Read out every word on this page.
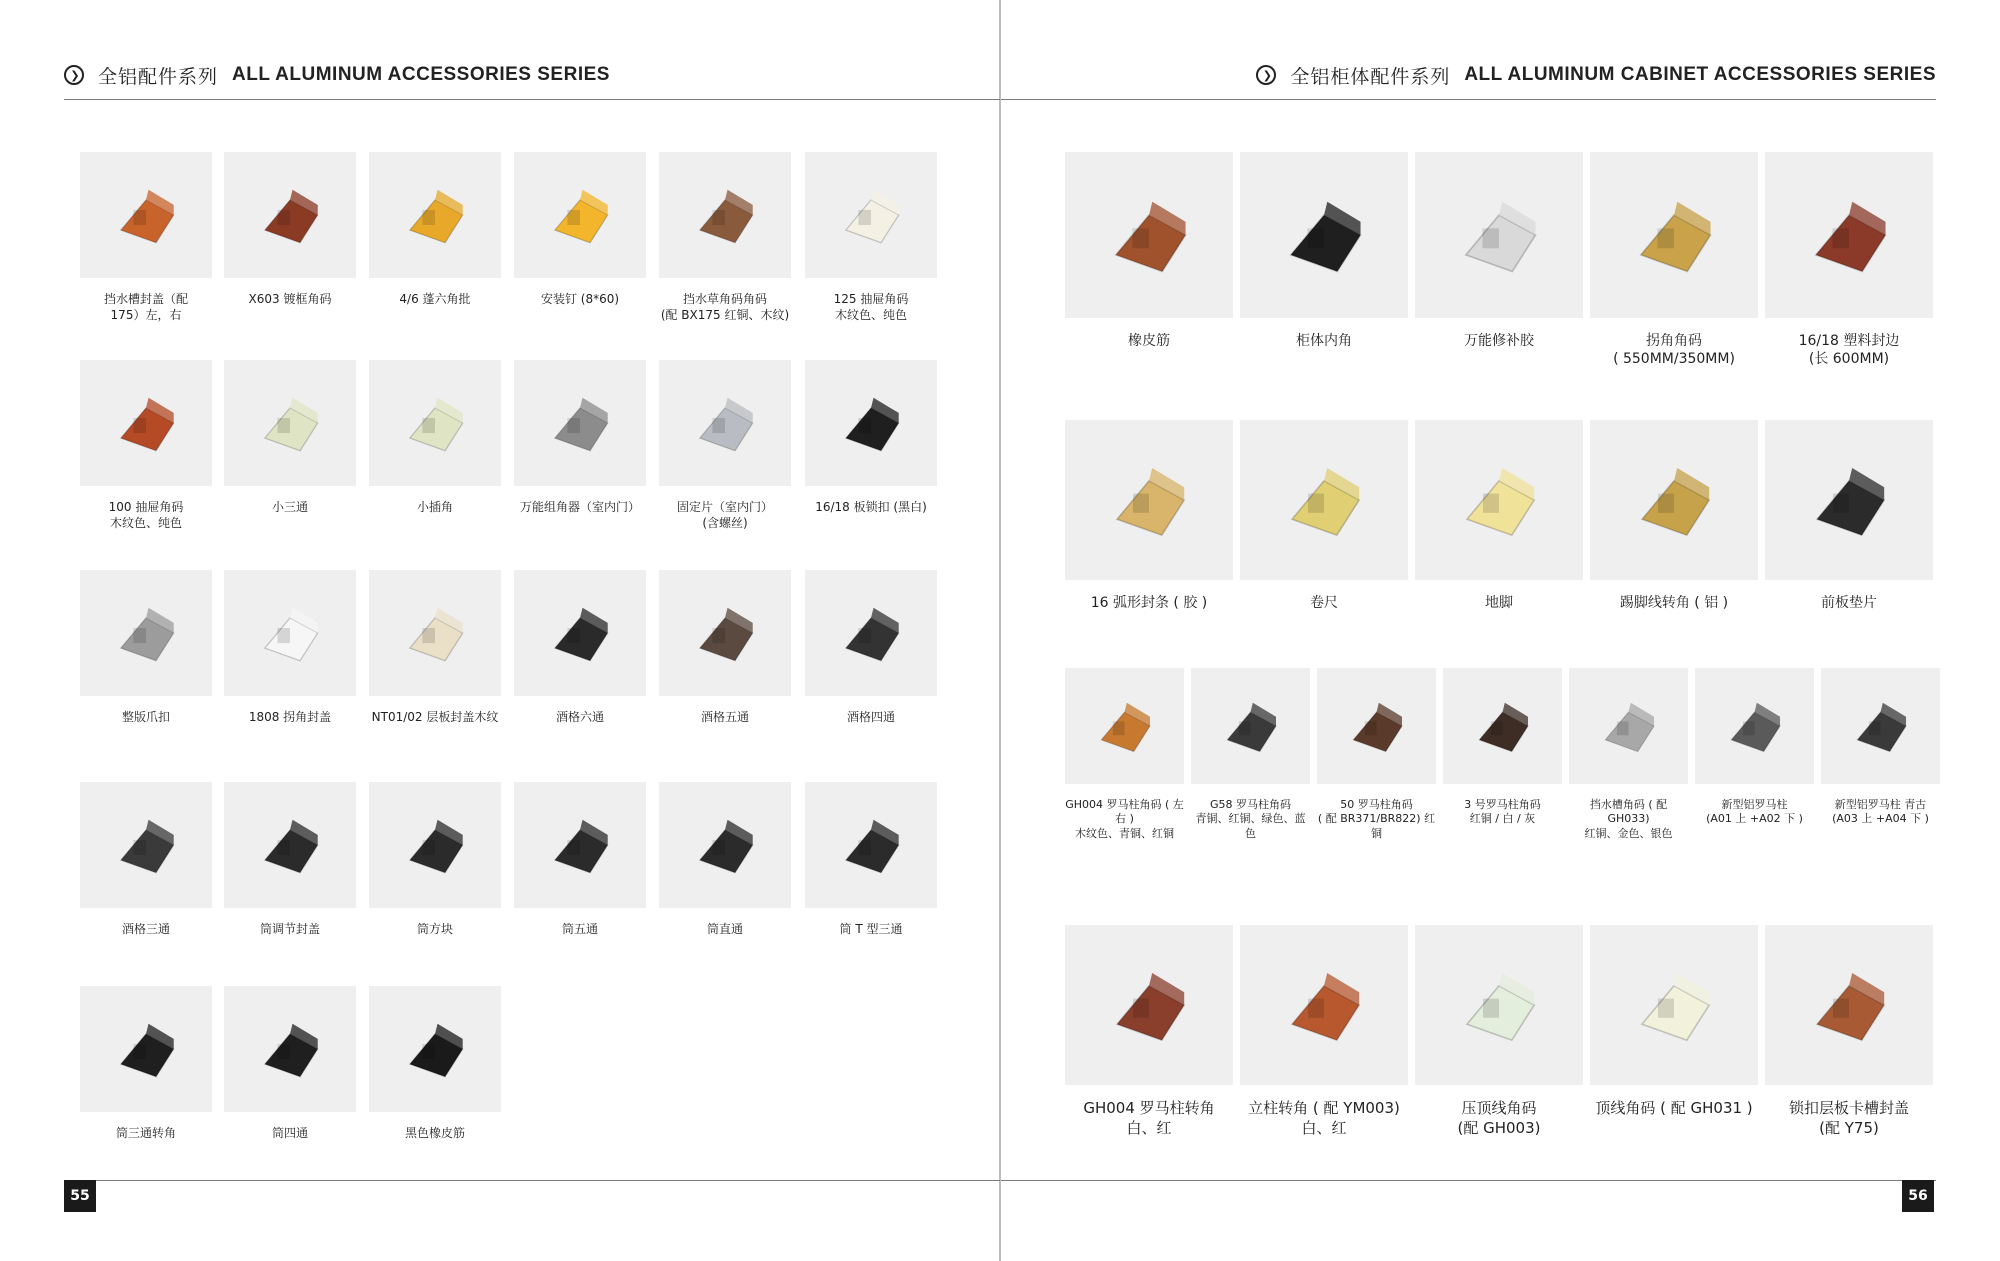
❯ 全铝配件系列 ALL ALUMINUM ACCESSORIES SERIES	❯ 全铝柜体配件系列 ALL ALUMINUM CABINET ACCESSORIES SERIES
55	56
挡水槽封盖（配
175）左，右
X603 镀框角码	4/6 蓬六角批	安装钉 (8*60)	挡水草角码角码
(配 BX175 红铜、木纹)
125 抽屉角码
木纹色、纯色
100 抽屉角码
木纹色、纯色
小三通	小插角	万能组角器（室内门）	固定片（室内门）
(含螺丝)
16/18 板锁扣 (黑白)
整版爪扣	1808 拐角封盖	NT01/02 层板封盖木纹	酒格六通	酒格五通	酒格四通
酒格三通	筒调节封盖	筒方块	筒五通	筒直通	筒 T 型三通
筒三通转角	筒四通	黑色橡皮筋
橡皮筋	柜体内角	万能修补胶	拐角角码
( 550MM/350MM)
16/18 塑料封边
(长 600MM)
16 弧形封条 ( 胶 )	卷尺	地脚	踢脚线转角 ( 铝 )	前板垫片
GH004 罗马柱角码 ( 左右 )
木纹色、青铜、红铜
G58 罗马柱角码
青铜、红铜、绿色、蓝色
50 罗马柱角码
( 配 BR371/BR822) 红铜
3 号罗马柱角码
红铜 / 白 / 灰
挡水槽角码 ( 配 GH033)
红铜、金色、银色
新型铝罗马柱
(A01 上 +A02 下 )
新型铝罗马柱 青古
(A03 上 +A04 下 )
GH004 罗马柱转角
白、红
立柱转角 ( 配 YM003)
白、红
压顶线角码
(配 GH003)
顶线角码 ( 配 GH031 )	锁扣层板卡槽封盖
(配 Y75)
